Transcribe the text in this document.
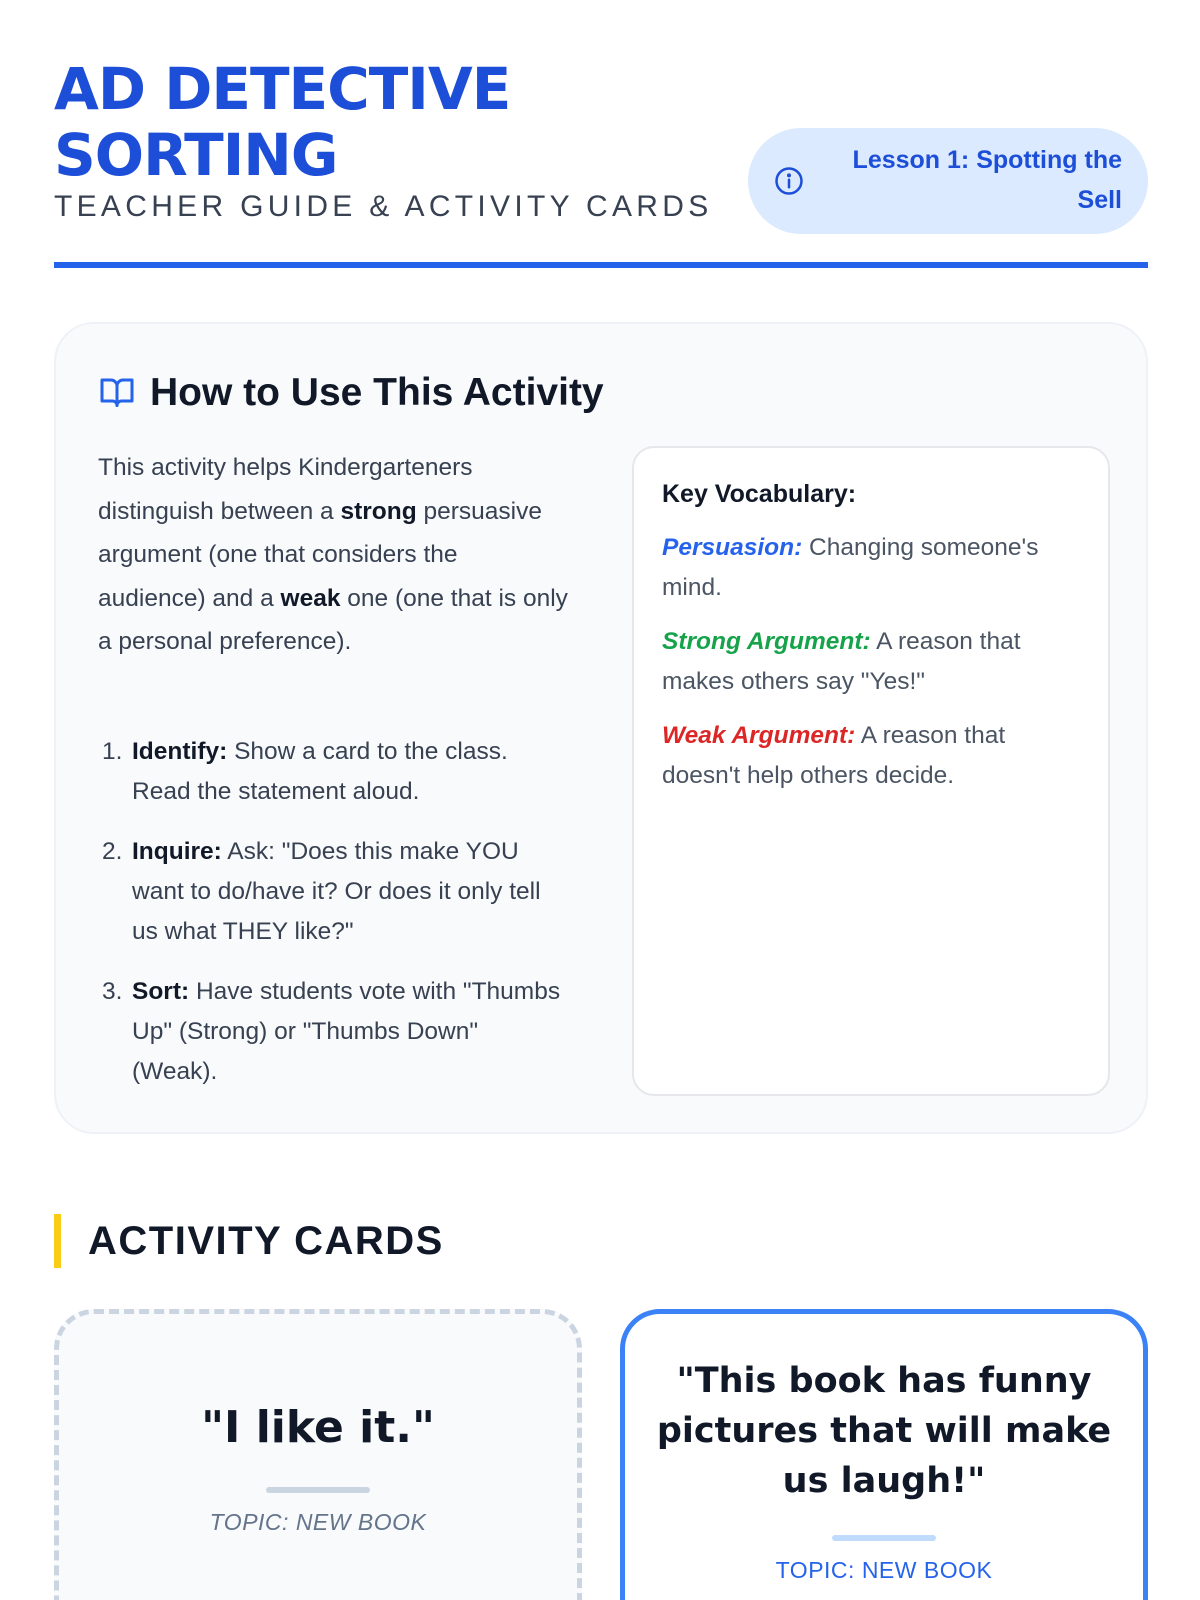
AD DETECTIVE SORTING
TEACHER GUIDE & ACTIVITY CARDS
Lesson 1: Spotting the Sell
How to Use This Activity

This activity helps Kindergarteners distinguish between a strong persuasive argument (one that considers the audience) and a weak one (one that is only a personal preference).

1. Identify: Show a card to the class. Read the statement aloud.
2. Inquire: Ask: "Does this make YOU want to do/have it? Or does it only tell us what THEY like?"
3. Sort: Have students vote with "Thumbs Up" (Strong) or "Thumbs Down" (Weak).
Key Vocabulary:

Persuasion: Changing someone's mind.

Strong Argument: A reason that makes others say "Yes!"

Weak Argument: A reason that doesn't help others decide.

ACTIVITY CARDS
"I like it."
TOPIC: NEW BOOK
"This book has funny pictures that will make us laugh!"
TOPIC: NEW BOOK
